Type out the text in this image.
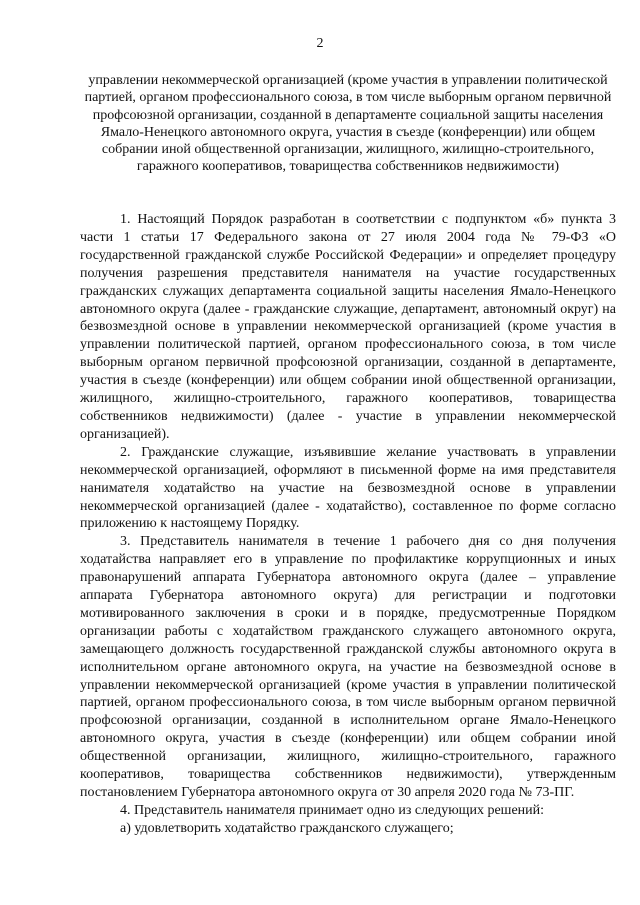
2
управлении некоммерческой организацией (кроме участия в управлении политической партией, органом профессионального союза, в том числе выборным органом первичной профсоюзной организации, созданной в департаменте социальной защиты населения Ямало-Ненецкого автономного округа, участия в съезде (конференции) или общем собрании иной общественной организации, жилищного, жилищно-строительного, гаражного кооперативов, товарищества собственников недвижимости)

1. Настоящий Порядок разработан в соответствии с подпунктом «б» пункта 3 части 1 статьи 17 Федерального закона от 27 июля 2004 года № 79-ФЗ «О государственной гражданской службе Российской Федерации» и определяет процедуру получения разрешения представителя нанимателя на участие государственных гражданских служащих департамента социальной защиты населения Ямало-Ненецкого автономного округа (далее - гражданские служащие, департамент, автономный округ) на безвозмездной основе в управлении некоммерческой организацией (кроме участия в управлении политической партией, органом профессионального союза, в том числе выборным органом первичной профсоюзной организации, созданной в департаменте, участия в съезде (конференции) или общем собрании иной общественной организации, жилищного, жилищно-строительного, гаражного кооперативов, товарищества собственников недвижимости) (далее - участие в управлении некоммерческой организацией).

2. Гражданские служащие, изъявившие желание участвовать в управлении некоммерческой организацией, оформляют в письменной форме на имя представителя нанимателя ходатайство на участие на безвозмездной основе в управлении некоммерческой организацией (далее - ходатайство), составленное по форме согласно приложению к настоящему Порядку.

3. Представитель нанимателя в течение 1 рабочего дня со дня получения ходатайства направляет его в управление по профилактике коррупционных и иных правонарушений аппарата Губернатора автономного округа (далее – управление аппарата Губернатора автономного округа) для регистрации и подготовки мотивированного заключения в сроки и в порядке, предусмотренные Порядком организации работы с ходатайством гражданского служащего автономного округа, замещающего должность государственной гражданской службы автономного округа в исполнительном органе автономного округа, на участие на безвозмездной основе в управлении некоммерческой организацией (кроме участия в управлении политической партией, органом профессионального союза, в том числе выборным органом первичной профсоюзной организации, созданной в исполнительном органе Ямало-Ненецкого автономного округа, участия в съезде (конференции) или общем собрании иной общественной организации, жилищного, жилищно-строительного, гаражного кооперативов, товарищества собственников недвижимости), утвержденным постановлением Губернатора автономного округа от 30 апреля 2020 года № 73-ПГ.

4. Представитель нанимателя принимает одно из следующих решений:

а) удовлетворить ходатайство гражданского служащего;
